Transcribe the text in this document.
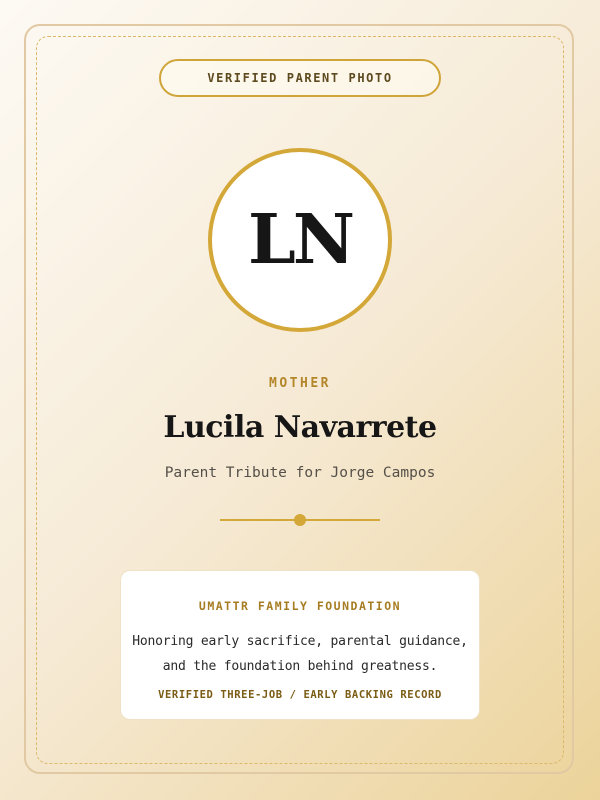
VERIFIED PARENT PHOTO
LN
MOTHER
Lucila Navarrete
Parent Tribute for Jorge Campos
UMATTR FAMILY FOUNDATION
Honoring early sacrifice, parental guidance,
and the foundation behind greatness.
VERIFIED THREE-JOB / EARLY BACKING RECORD
